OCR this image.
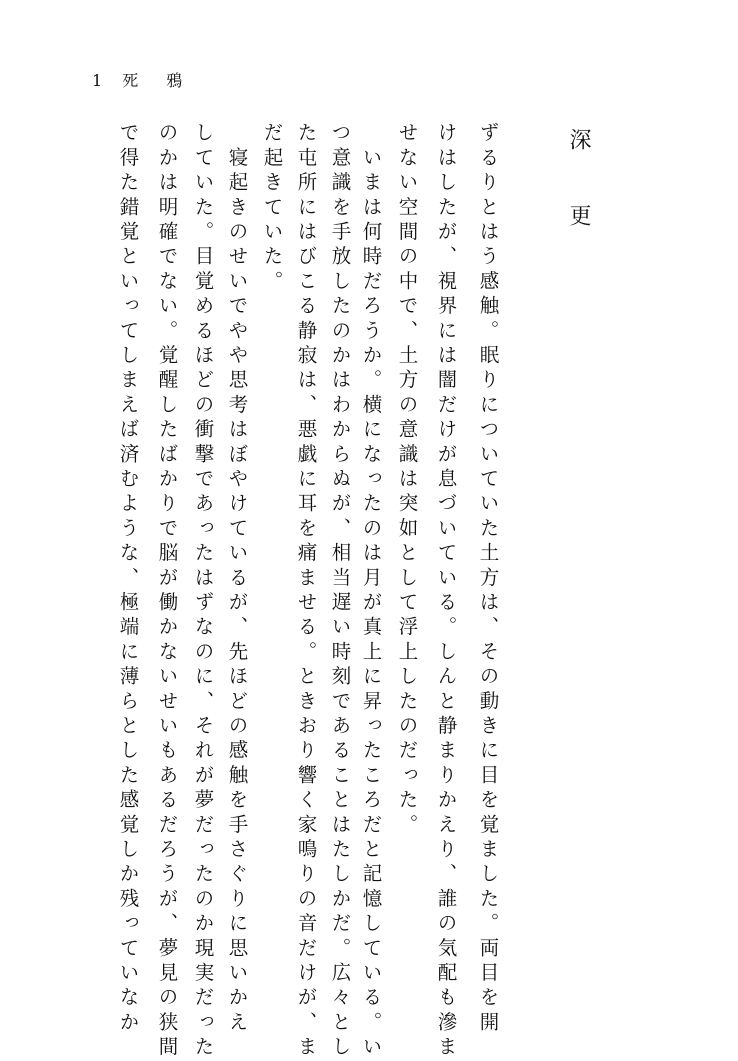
1 死　鴉
深　更
ずるりとはう感触。眠りについていた土方は、その動きに目を覚ました。両目を開
けはしたが、視界には闇だけが息づいている。しんと静まりかえり、誰の気配も滲ま
せない空間の中で、土方の意識は突如として浮上したのだった。
　いまは何時だろうか。横になったのは月が真上に昇ったころだと記憶している。い
つ意識を手放したのかはわからぬが、相当遅い時刻であることはたしかだ。広々とし
た屯所にはびこる静寂は、悪戯に耳を痛ませる。ときおり響く家鳴りの音だけが、ま
だ起きていた。
　寝起きのせいでやや思考はぼやけているが、先ほどの感触を手さぐりに思いかえ
していた。目覚めるほどの衝撃であったはずなのに、それが夢だったのか現実だった
のかは明確でない。覚醒したばかりで脳が働かないせいもあるだろうが、夢見の狭間
で得た錯覚といってしまえば済むような、極端に薄らとした感覚しか残っていなか
